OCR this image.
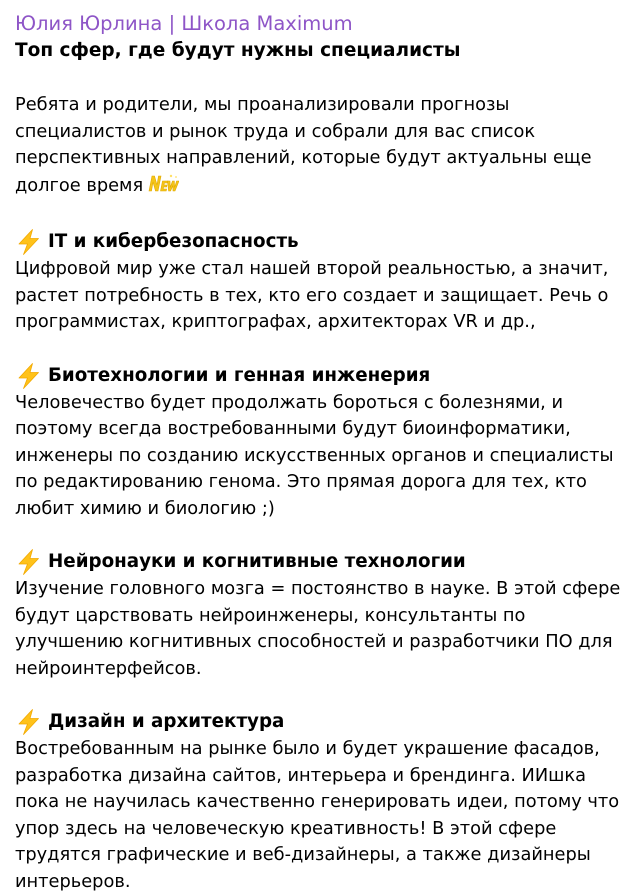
Юлия Юрлина | Школа Maximum
Топ сфер, где будут нужны специалисты
Ребята и родители, мы проанализировали прогнозы
специалистов и рынок труда и собрали для вас список
перспективных направлений, которые будут актуальны еще
долгое время
IT и кибербезопасность
Цифровой мир уже стал нашей второй реальностью, а значит,
растет потребность в тех, кто его создает и защищает. Речь о
программистах, криптографах, архитекторах VR и др.,
Биотехнологии и генная инженерия
Человечество будет продолжать бороться с болезнями, и
поэтому всегда востребованными будут биоинформатики,
инженеры по созданию искусственных органов и специалисты
по редактированию генома. Это прямая дорога для тех, кто
любит химию и биологию ;)
Нейронауки и когнитивные технологии
Изучение головного мозга = постоянство в науке. В этой сфере
будут царствовать нейроинженеры, консультанты по
улучшению когнитивных способностей и разработчики ПО для
нейроинтерфейсов.
Дизайн и архитектура
Востребованным на рынке было и будет украшение фасадов,
разработка дизайна сайтов, интерьера и брендинга. ИИшка
пока не научилась качественно генерировать идеи, потому что
упор здесь на человеческую креативность! В этой сфере
трудятся графические и веб-дизайнеры, а также дизайнеры
интерьеров.
